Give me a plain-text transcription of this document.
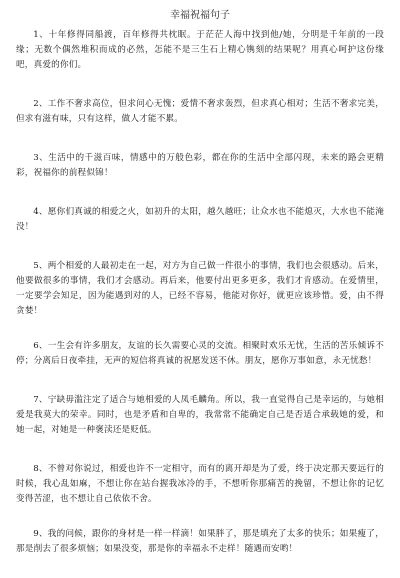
幸福祝福句子

1、十年修得同船渡，百年修得共枕眠。于茫茫人海中找到他/她，分明是千年前的一段缘；无数个偶然堆积而成的必然，怎能不是三生石上精心镌刻的结果呢？用真心呵护这份缘吧，真爱的你们。

2、工作不奢求高位，但求问心无愧；爱情不奢求轰烈，但求真心相对；生活不奢求完美，但求有滋有味，只有这样，做人才能不累。

3、生活中的千滋百味，情感中的万般色彩，都在你的生活中全部闪现，未来的路会更精彩，祝福你的前程似锦！

4、愿你们真诚的相爱之火，如初升的太阳，越久越旺；让众水也不能熄灭，大水也不能淹没！

5、两个相爱的人最初走在一起，对方为自己做一件很小的事情，我们也会很感动。后来，他要做很多的事情，我们才会感动。再后来，他要付出更多更多，我们才肯感动。在爱情里，一定要学会知足，因为能遇到对的人，已经不容易，他能对你好，就更应该珍惜。爱，由不得贪婪！

6、一生会有许多朋友，友谊的长久需要心灵的交流。相聚时欢乐无忧，生活的苦乐倾诉不停；分离后日夜牵挂，无声的短信将真诚的祝愿发送不休。朋友，愿你万事如意，永无忧愁！

7、宁缺毋滥注定了适合与她相爱的人凤毛麟角。所以，我一直觉得自己是幸运的，与她相爱是我莫大的荣幸。同时，也是矛盾和自卑的，我常常不能确定自己是否适合承载她的爱，和她一起，对她是一种褒渎还是贬低。

8、不曾对你说过，相爱也许不一定相守，而有的离开却是为了爱，终于决定那天要远行的时候，我心乱如麻，不想让你在站台握我冰冷的手，不想听你那痛苦的挽留，不想让你的记忆变得苦涩，也不想让自己依依不舍。

9、我的问候，跟你的身材是一样一样滴！如果胖了，那是填充了太多的快乐；如果瘦了，那是削去了很多烦恼；如果没变，那是你的幸福永不走样！随遇而安哟！
